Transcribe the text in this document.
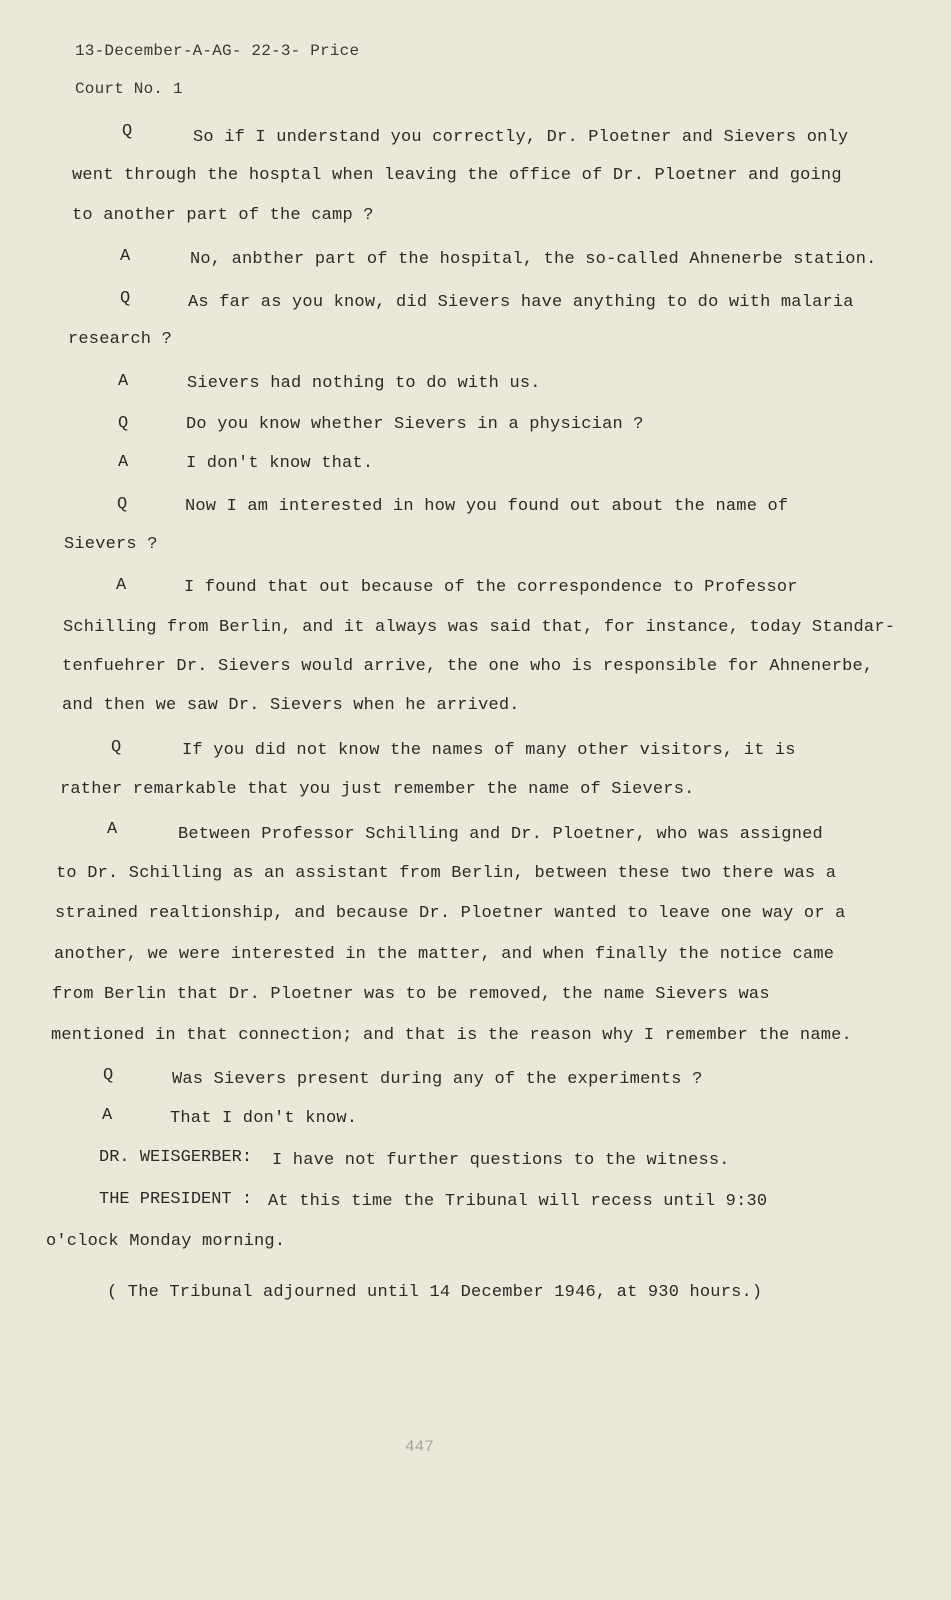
13-December-A-AG- 22-3- Price
Court No. 1
Q	So if I understand you correctly, Dr. Ploetner and Sievers only
went through the hosptal when leaving the office of Dr. Ploetner and going
to another part of the camp ?
A	No, anbther part of the hospital, the so-called Ahnenerbe station.
Q	As far as you know, did Sievers have anything to do with malaria
research ?
A	Sievers had nothing to do with us.
Q	Do you know whether Sievers in a physician ?
A	I don't know that.
Q	Now I am interested in how you found out about the name of
Sievers ?
A	I found that out because of the correspondence to Professor
Schilling from Berlin, and it always was said that, for instance, today Standar-
tenfuehrer Dr. Sievers would arrive, the one who is responsible for Ahnenerbe,
and then we saw Dr. Sievers when he arrived.
Q	If you did not know the names of many other visitors, it is
rather remarkable that you just remember the name of Sievers.
A	Between Professor Schilling and Dr. Ploetner, who was assigned
to Dr. Schilling as an assistant from Berlin, between these two there was a
strained realtionship, and because Dr. Ploetner wanted to leave one way or a
another, we were interested in the matter, and when finally the notice came
from Berlin that Dr. Ploetner was to be removed, the name Sievers was
mentioned in that connection; and that is the reason why I remember the name.
Q	Was Sievers present during any of the experiments ?
A	That I don't know.
DR. WEISGERBER: I have not further questions to the witness.
THE PRESIDENT : At this time the Tribunal will recess until 9:30
o'clock Monday morning.
( The Tribunal adjourned until 14 December 1946, at 930 hours.)
447
